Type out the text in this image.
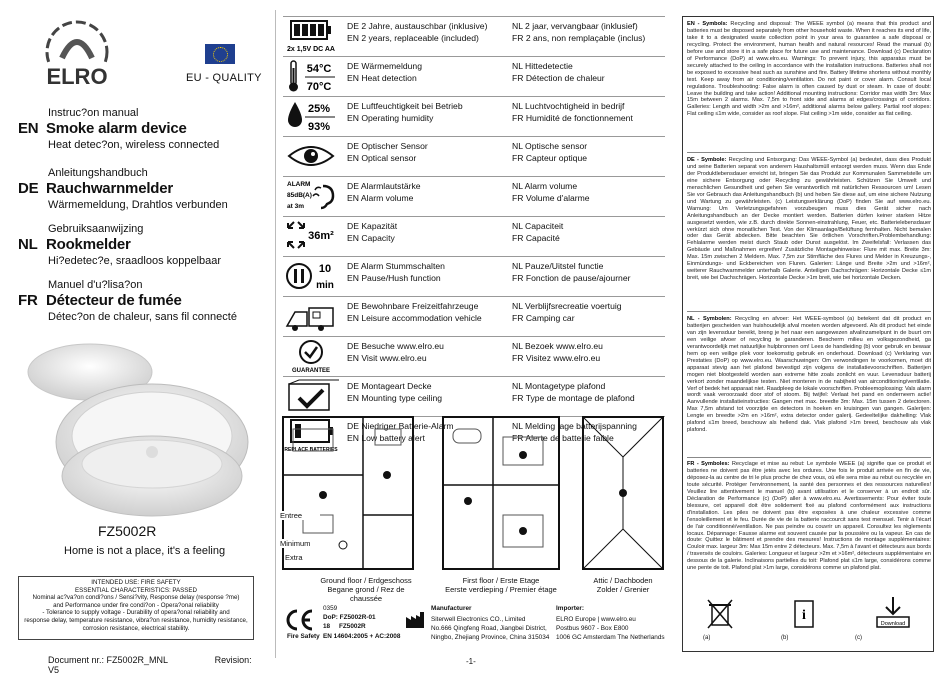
ELRO	EU - QUALITY
Instruc?on manual
EN Smoke alarm device
Heat detec?on, wireless connected
Anleitungshandbuch
DE Rauchwarnmelder
Wärmemeldung, Drahtlos verbunden
Gebruiksaanwijzing
NL Rookmelder
Hi?edetec?e, sraadloos koppelbaar
Manuel d'u?lisa?on
FR Détecteur de fumée
Détec?on de chaleur, sans fil connecté
FZ5002R
Home is not a place, it's a feeling
INTENDED USE: FIRE SAFETY
ESSENTIAL CHARACTERISTICS: PASSED
Nominal ac?va?on condi?ons / Sensi?vity, Response delay (response ?me)
and Performance under fire condi?on - Opera?onal reliability
- Tolerance to supply voltage - Durability of opera?onal reliability and
response delay, temperature resistance, vibra?on resistance, humidity resistance,
corrosion resistance, electrical stability.
Document nr.: FZ5002R_MNL	Revision: V5
2x 1,5V DC AA
DE 2 Jahre, austauschbar (inklusive)
EN 2 years, replaceable (included)
NL 2 jaar, vervangbaar (inklusief)
FR 2 ans, non remplaçable (inclus)
54°C
70°C
DE Wärmemeldung
EN Heat detection
NL Hittedetectie
FR Détection de chaleur
25%
93%
DE Luftfeuchtigkeit bei Betrieb
EN Operating humidity
NL Luchtvochtigheid in bedrijf
FR Humidité de fonctionnement
DE Optischer Sensor
EN Optical sensor
NL Optische sensor
FR Capteur optique
ALARM
85dB(A)
at 3m
DE Alarmlautstärke
EN Alarm volume
NL Alarm volume
FR Volume d'alarme
36m²
DE Kapazität
EN Capacity
NL Capaciteit
FR Capacité
10
min
DE Alarm Stummschalten
EN Pause/Hush function
NL Pauze/Uitstel functie
FR Fonction de pause/ajourner
DE Bewohnbare Freizeitfahrzeuge
EN Leisure accommodation vehicle
NL Verblijfsrecreatie voertuig
FR Camping car
GUARANTEE
DE Besuche www.elro.eu
EN Visit www.elro.eu
NL Bezoek www.elro.eu
FR Visitez www.elro.eu
DE Montageart Decke
EN Mounting type ceiling
NL Montagetype plafond
FR Type de montage de plafond
REPLACE BATTERIES
DE Niedriger Batterie-Alarm
EN Low battery alert
NL Melding lage batterijspanning
FR Alerte de batterie faible
Entree
Minimum
Extra
Ground floor / Erdgeschoss
Begane grond / Rez de chaussée
First floor / Erste Etage
Eerste verdieping / Premier étage
Attic / Dachboden
Zolder / Grenier
0359
DoP: FZ5002R-01
18 FZ5002R
Fire Safety EN 14604:2005 + AC:2008
Manufacturer
Siterwell Electronics CO., Limited
No.666 Qingfeng Road, Jiangbei District,
Ningbo, Zhejiang Province, China 315034
Importer:
ELRO Europe | www.elro.eu
Postbus 9607 - Box E800
1006 GC Amsterdam The Netherlands
-1-
EN - Symbols: Recycling and disposal: The WEEE symbol (a) means that this product and batteries must be disposed separately from other household waste. When it reaches its end of life, take it to a designated waste collection point in your area to guarantee a safe disposal or recycling. Protect the environment, human health and natural resources! Read the manual (b) before use and store it in a safe place for future use and maintenance. Download (c) Declaration of Performance (DoP) at www.elro.eu. Warnings: To prevent injury, this apparatus must be securely attached to the ceiling in accordance with the installation instructions. Batteries shall not be exposed to excessive heat such as sunshine and fire. Battery lifetime shortens without monthly test. Keep away from air conditioning/ventilation. Do not paint or cover alarm. Consult local regulations. Troubleshooting: False alarm is often caused by dust or steam. In case of doubt: Leave the building and take action! Additional mounting instructions: Corridor max width 3m: Max 15m between 2 alarms. Max. 7,5m to front side and alarms at edges/crossings of corridors. Galleries: Length and width >2m and >16m², additional alarms below gallery. Partial roof slopes: Flat ceiling ≤1m wide, consider as roof slope. Flat ceiling >1m wide, consider as flat ceiling.
DE - Symbole: Recycling und Entsorgung: Das WEEE-Symbol (a) bedeutet, dass dies Produkt und seine Batterien separat von anderem Haushaltsmüll entsorgt werden muss. Wenn das Ende der Produktlebensdauer erreicht ist, bringen Sie das Produkt zur Kommunalen Sammelstelle um eine sichere Entsorgung oder Recycling zu gewährleisten. Schützen Sie Umwelt und menschlichen Gesundheit und gehen Sie verantwortlich mit natürlichen Ressourcen um! Lesen Sie vor Gebrauch das Anleitungshandbuch (b) und heben Sie diese auf, um eine sichere Nutzung und Wartung zu gewährleisten. (c) Leistungserklärung (DoP) finden Sie auf www.elro.eu. Warnung: Um Verletzungsgefahren vorzubeugen muss dies Gerät sicher nach Anleitungshandbuch an der Decke montiert werden. Batterien dürfen keiner starken Hitze ausgesetzt werden, wie z.B. durch direkte Sonnen-einstrahlung, Feuer, etc. Batterielebensdauer verkürzt sich ohne monatlichen Test. Von der Klimaanlage/Belüftung fernhalten. Nicht bemalen oder das Gerät abdecken. Bitte beachten Sie örtlichen Vorschriften.Problembehandlung: Fehlalarme werden meist durch Staub oder Dunst ausgelöst. Im Zweifelsfall: Verlassen das Gebäude und Maßnahmen ergreifen! Zusätzliche Montagehinweise: Flure mit max. Breite 3m: Max. 15m zwischen 2 Meldern. Max. 7,5m zur Stirnfläche des Flures und Melder in Kreuzungs-, Einmündungs- und Eckbereichen von Fluren. Galerien: Länge und Breite >2m und >16m², weiterer Rauchwarnmelder unterhalb Galerie. Anteiligen Dachschrägen: Horizontale Decke ≤1m breit, wie bei Dachschrägen. Horizontale Decke >1m breit, wie bei horizontale Decken.
NL - Symbolen: Recycling en afvoer: Het WEEE-symbool (a) betekent dat dit product en batterijen gescheiden van huishoudelijk afval moeten worden afgevoerd. Als dit product het einde van zijn levensduur bereikt, breng je het naar een aangewezen afvalinzamelpunt in de buurt om een veilige afvoer of recycling te garanderen. Bescherm milieu en volksgezondheid, ga verantwoordelijk met natuurlijke hulpbronnen om! Lees de handleiding (b) voor gebruik en bewaar hem op een veilige plek voor toekomstig gebruik en onderhoud. Download (c) Verklaring van Prestaties (DoP) op www.elro.eu. Waarschuwingen: Om verwondingen te voorkomen, moet dit apparaat stevig aan het plafond bevestigd zijn volgens de installatievoorschriften. Batterijen mogen niet blootgesteld worden aan extreme hitte zoals zonlicht en vuur. Levensduur batterij verkort zonder maandelijkse testen. Niet monteren in de nabijheid van airconditioning/ventilatie. Verf of bedek het apparaat niet. Raadpleeg de lokale voorschriften. Probleemoplossing: Vals alarm wordt vaak veroorzaakt door stof of stoom. Bij twijfel: Verlaat het pand en onderneem actie! Aanvullende installatieinstructies: Gangen met max. breedte 3m: Max. 15m tussen 2 detectoren. Max 7,5m afstand tot voorzijde en detectors in hoeken en kruisingen van gangen. Galerijen: Lengte en breedte >2m en >16m², extra detector onder galerij. Gedeeltelijke dakhelling: Vlak plafond ≤1m breed, beschouw als hellend dak. Vlak plafond >1m breed, beschouw als vlak plafond.
FR - Symboles: Recyclage et mise au rebut: Le symbole WEEE (a) signifie que ce produit et batteries ne doivent pas être jetés avec les ordures. Une fois le produit arrivée en fin de vie, déposez-la au centre de tri le plus proche de chez vous, où elle sera mise au rebut ou recyclée en toute sécurité. Protéger l'environnement, la santé des personnes et des ressources naturelles! Veuillez lire attentivement le manuel (b) avant utilisation et le conserver à un endroit sûr. Déclaration de Performance (c) (DoP) aller à www.elro.eu. Avertissements: Pour éviter toute blessure, cet appareil doit être solidement fixé au plafond conformément aux instructions d'installation. Les piles ne doivent pas être exposées à une chaleur excessive comme l'ensoleillement et le feu. Durée de vie de la batterie raccourcit sans test mensuel. Tenir à l'écart de l'air conditionné/ventilation. Ne pas peindre ou couvrir un appareil. Consultez les règlements locaux. Dépannage: Fausse alarme est souvent causée par la poussière ou la vapeur. En cas de doute: Quittez le bâtiment et prendre des mesures! Instructions de montage supplémentaires: Couloir max. largeur 3m: Max 15m entre 2 détecteurs. Max. 7,5m à l'avant et détecteurs aux bords / traversés de couloirs. Galeries: Longueur et largeur >2m et >16m², détecteurs supplémentaire en dessous de la galerie. Inclinaisons partielles du toit: Plafond plat ≤1m large, considérons comme une pente de toit. Plafond plat >1m large, considérons comme un plafond plat.
(a)
i
(b)
Download
(c)
